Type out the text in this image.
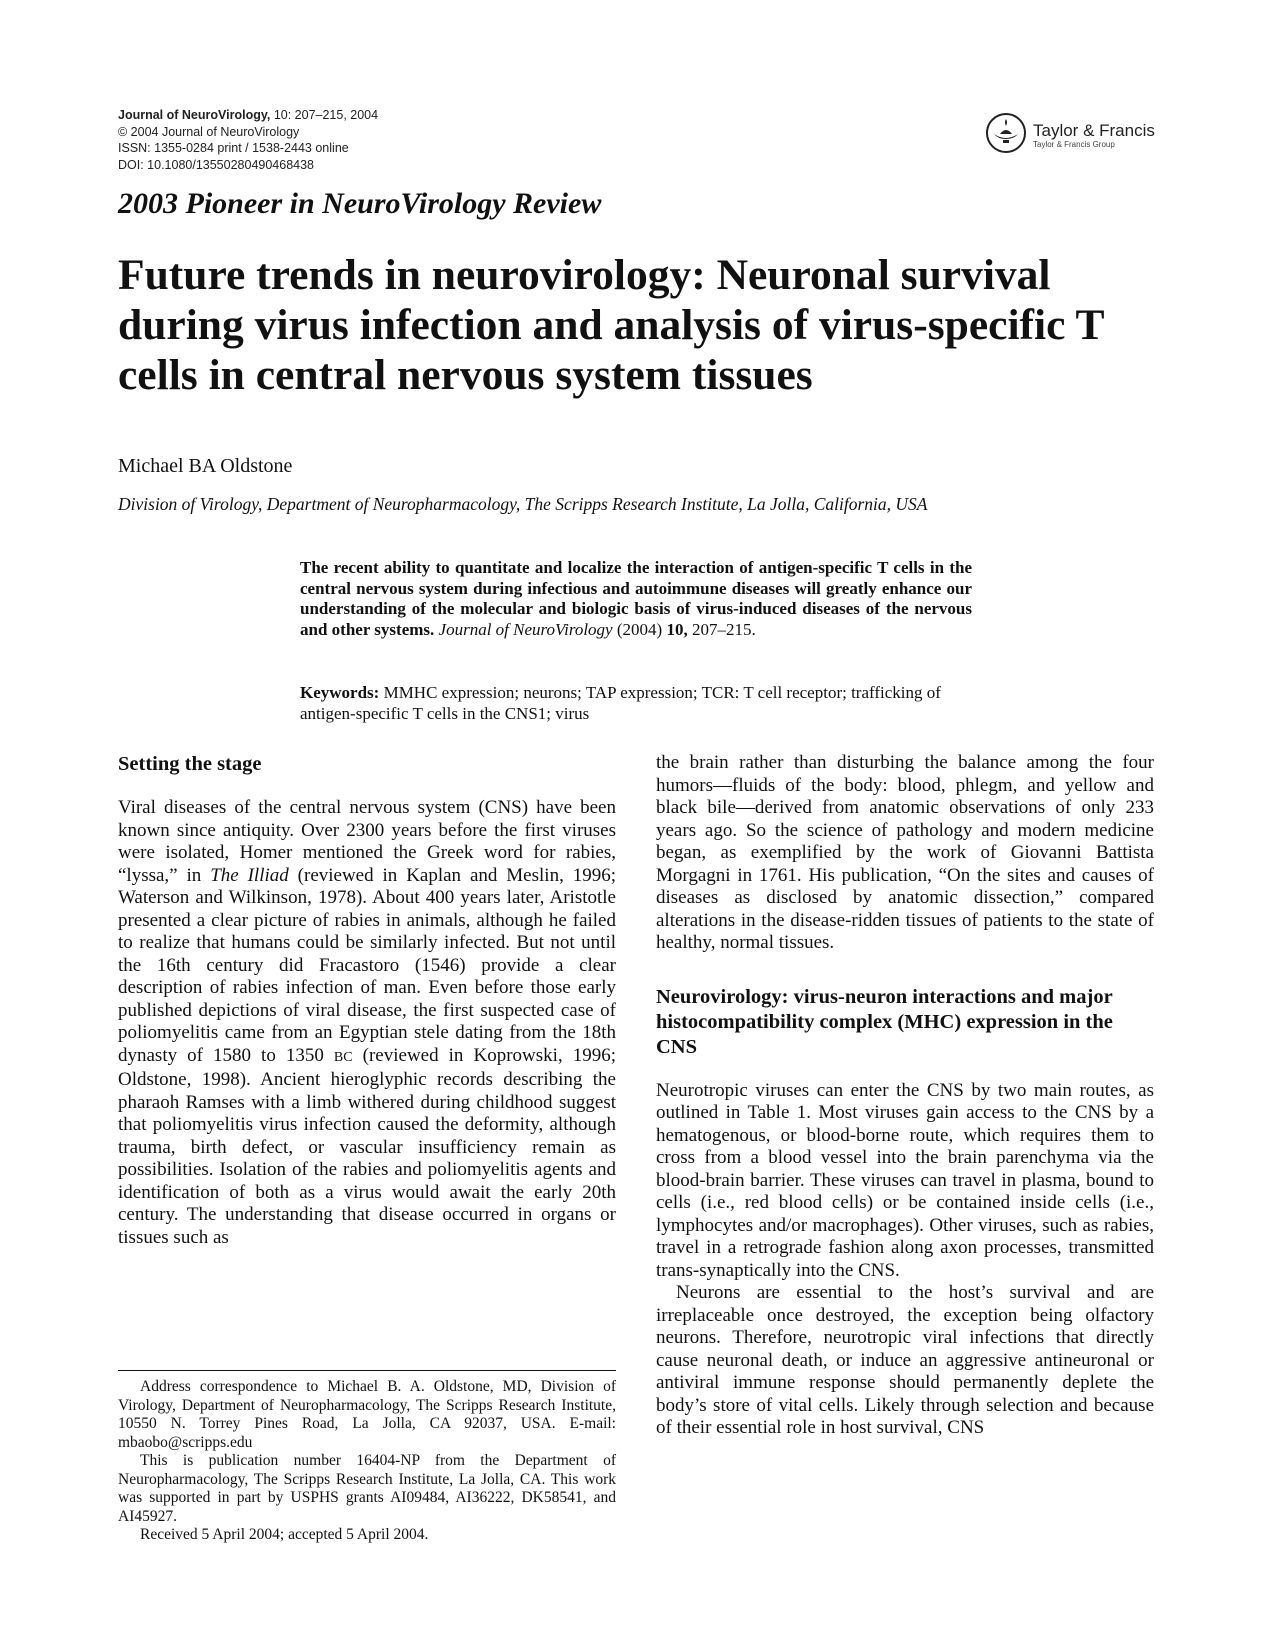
Journal of NeuroVirology, 10: 207–215, 2004
© 2004 Journal of NeuroVirology
ISSN: 1355-0284 print / 1538-2443 online
DOI: 10.1080/13550280490468438
Taylor & Francis
Taylor & Francis Group
2003 Pioneer in NeuroVirology Review
Future trends in neurovirology: Neuronal survival during virus infection and analysis of virus-specific T cells in central nervous system tissues
Michael BA Oldstone
Division of Virology, Department of Neuropharmacology, The Scripps Research Institute, La Jolla, California, USA
The recent ability to quantitate and localize the interaction of antigen-specific T cells in the central nervous system during infectious and autoimmune diseases will greatly enhance our understanding of the molecular and biologic basis of virus-induced diseases of the nervous and other systems. Journal of NeuroVirology (2004) 10, 207–215.
Keywords: MMHC expression; neurons; TAP expression; TCR: T cell receptor; trafficking of antigen-specific T cells in the CNS1; virus
Setting the stage

Viral diseases of the central nervous system (CNS) have been known since antiquity. Over 2300 years before the first viruses were isolated, Homer mentioned the Greek word for rabies, “lyssa,” in The Illiad (reviewed in Kaplan and Meslin, 1996; Waterson and Wilkinson, 1978). About 400 years later, Aristotle presented a clear picture of rabies in animals, although he failed to realize that humans could be similarly infected. But not until the 16th century did Fracastoro (1546) provide a clear description of rabies infection of man. Even before those early published depictions of viral disease, the first suspected case of poliomyelitis came from an Egyptian stele dating from the 18th dynasty of 1580 to 1350 BC (reviewed in Koprowski, 1996; Oldstone, 1998). Ancient hieroglyphic records describing the pharaoh Ramses with a limb withered during childhood suggest that poliomyelitis virus infection caused the deformity, although trauma, birth defect, or vascular insufficiency remain as possibilities. Isolation of the rabies and poliomyelitis agents and identification of both as a virus would await the early 20th century. The understanding that disease occurred in organs or tissues such as

the brain rather than disturbing the balance among the four humors—fluids of the body: blood, phlegm, and yellow and black bile—derived from anatomic observations of only 233 years ago. So the science of pathology and modern medicine began, as exemplified by the work of Giovanni Battista Morgagni in 1761. His publication, “On the sites and causes of diseases as disclosed by anatomic dissection,” compared alterations in the disease-ridden tissues of patients to the state of healthy, normal tissues.

Neurovirology: virus-neuron interactions and major histocompatibility complex (MHC) expression in the CNS

Neurotropic viruses can enter the CNS by two main routes, as outlined in Table 1. Most viruses gain access to the CNS by a hematogenous, or blood-borne route, which requires them to cross from a blood vessel into the brain parenchyma via the blood-brain barrier. These viruses can travel in plasma, bound to cells (i.e., red blood cells) or be contained inside cells (i.e., lymphocytes and/or macrophages). Other viruses, such as rabies, travel in a retrograde fashion along axon processes, transmitted trans-synaptically into the CNS.

Neurons are essential to the host’s survival and are irreplaceable once destroyed, the exception being olfactory neurons. Therefore, neurotropic viral infections that directly cause neuronal death, or induce an aggressive antineuronal or antiviral immune response should permanently deplete the body’s store of vital cells. Likely through selection and because of their essential role in host survival, CNS

Address correspondence to Michael B. A. Oldstone, MD, Division of Virology, Department of Neuropharmacology, The Scripps Research Institute, 10550 N. Torrey Pines Road, La Jolla, CA 92037, USA. E-mail: mbaobo@scripps.edu

This is publication number 16404-NP from the Department of Neuropharmacology, The Scripps Research Institute, La Jolla, CA. This work was supported in part by USPHS grants AI09484, AI36222, DK58541, and AI45927.

Received 5 April 2004; accepted 5 April 2004.
